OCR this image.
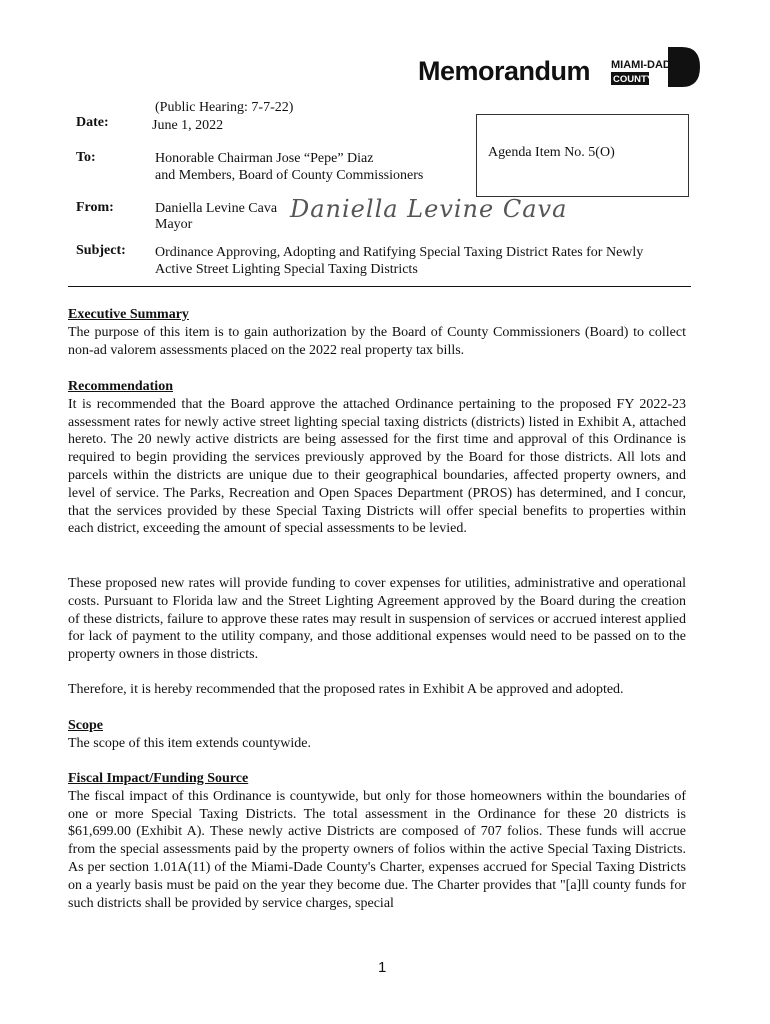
Memorandum MIAMI-DADE
COUNTY
Date:
(Public Hearing: 7-7-22)
June 1, 2022
To:	Honorable Chairman Jose “Pepe” Diaz
and Members, Board of County Commissioners
From:	Daniella Levine Cava
Mayor
Daniella Levine Cava
Subject: Ordinance Approving, Adopting and Ratifying Special Taxing District Rates for Newly
Active Street Lighting Special Taxing Districts
Agenda Item No. 5(O)
Executive Summary
The purpose of this item is to gain authorization by the Board of County Commissioners (Board) to collect non-ad valorem assessments placed on the 2022 real property tax bills.
Recommendation
It is recommended that the Board approve the attached Ordinance pertaining to the proposed FY 2022-23 assessment rates for newly active street lighting special taxing districts (districts) listed in Exhibit A, attached hereto. The 20 newly active districts are being assessed for the first time and approval of this Ordinance is required to begin providing the services previously approved by the Board for those districts. All lots and parcels within the districts are unique due to their geographical boundaries, affected property owners, and level of service. The Parks, Recreation and Open Spaces Department (PROS) has determined, and I concur, that the services provided by these Special Taxing Districts will offer special benefits to properties within each district, exceeding the amount of special assessments to be levied.
These proposed new rates will provide funding to cover expenses for utilities, administrative and operational costs. Pursuant to Florida law and the Street Lighting Agreement approved by the Board during the creation of these districts, failure to approve these rates may result in suspension of services or accrued interest applied for lack of payment to the utility company, and those additional expenses would need to be passed on to the property owners in those districts.
Therefore, it is hereby recommended that the proposed rates in Exhibit A be approved and adopted.
Scope
The scope of this item extends countywide.
Fiscal Impact/Funding Source
The fiscal impact of this Ordinance is countywide, but only for those homeowners within the boundaries of one or more Special Taxing Districts. The total assessment in the Ordinance for these 20 districts is $61,699.00 (Exhibit A). These newly active Districts are composed of 707 folios. These funds will accrue from the special assessments paid by the property owners of folios within the active Special Taxing Districts. As per section 1.01A(11) of the Miami-Dade County's Charter, expenses accrued for Special Taxing Districts on a yearly basis must be paid on the year they become due. The Charter provides that "[a]ll county funds for such districts shall be provided by service charges, special
1
